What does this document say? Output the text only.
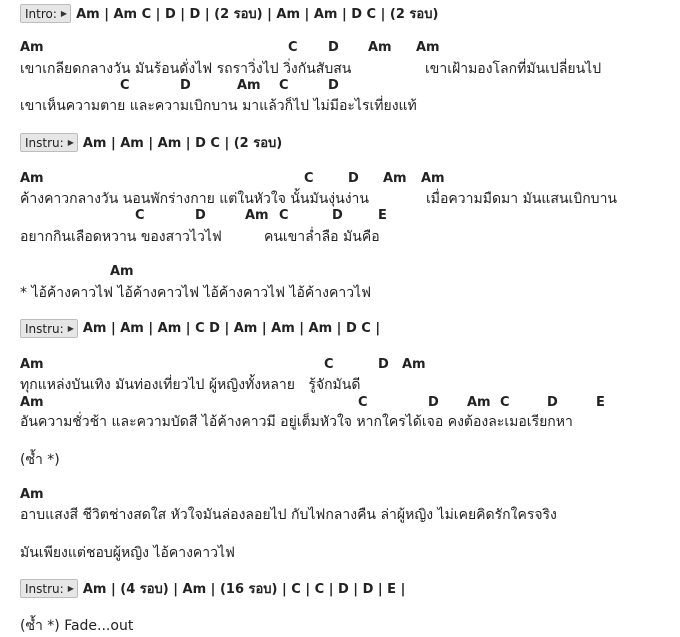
Intro: ▶ Am | Am C | D | D | (2 รอบ) | Am | Am | D C | (2 รอบ)
Am	C D Am Am
เขาเกลียดกลางวัน มันร้อนดั่งไฟ รถราวิ่งไป วิ่งกันสับสน	เขาเฝ้ามองโลกที่มันเปลี่ยนไป
C	D	Am C	D
เขาเห็นความตาย และความเบิกบาน มาแล้วก็ไป ไม่มีอะไรเที่ยงแท้
Instru: ▶ Am | Am | Am | D C | (2 รอบ)
Am	C	D Am Am
ค้างคาวกลางวัน นอนพักร่างกาย แต่ในหัวใจ นั้นมันงุ่นง่าน	เมื่อความมืดมา มันแสนเบิกบาน
C	D	Am C	D	E
อยากกินเลือดหวาน ของสาวไวไฟ	คนเขาล่ำลือ มันคือ
Am
* ไอ้ค้างคาวไฟ ไอ้ค้างคาวไฟ ไอ้ค้างคาวไฟ ไอ้ค้างคาวไฟ
Instru: ▶ Am | Am | Am | C D | Am | Am | Am | D C |
Am	C	D Am
ทุกแหล่งบันเทิง มันท่องเที่ยวไป ผู้หญิงทั้งหลาย   รู้จักมันดี
Am	C	D Am C	D	E
อันความชั่วช้า และความบัดสี ไอ้ค้างคาวมี อยู่เต็มหัวใจ หากใครได้เจอ คงต้องละเมอเรียกหา
(ซ้ำ *)
Am
อาบแสงสี ชีวิตช่างสดใส หัวใจมันล่องลอยไป กับไฟกลางคืน ล่าผู้หญิง ไม่เคยคิดรักใครจริง
มันเพียงแต่ชอบผู้หญิง ไอ้คางคาวไฟ
Instru: ▶ Am | (4 รอบ) | Am | (16 รอบ) | C | C | D | D | E |
(ซ้ำ *) Fade...out
